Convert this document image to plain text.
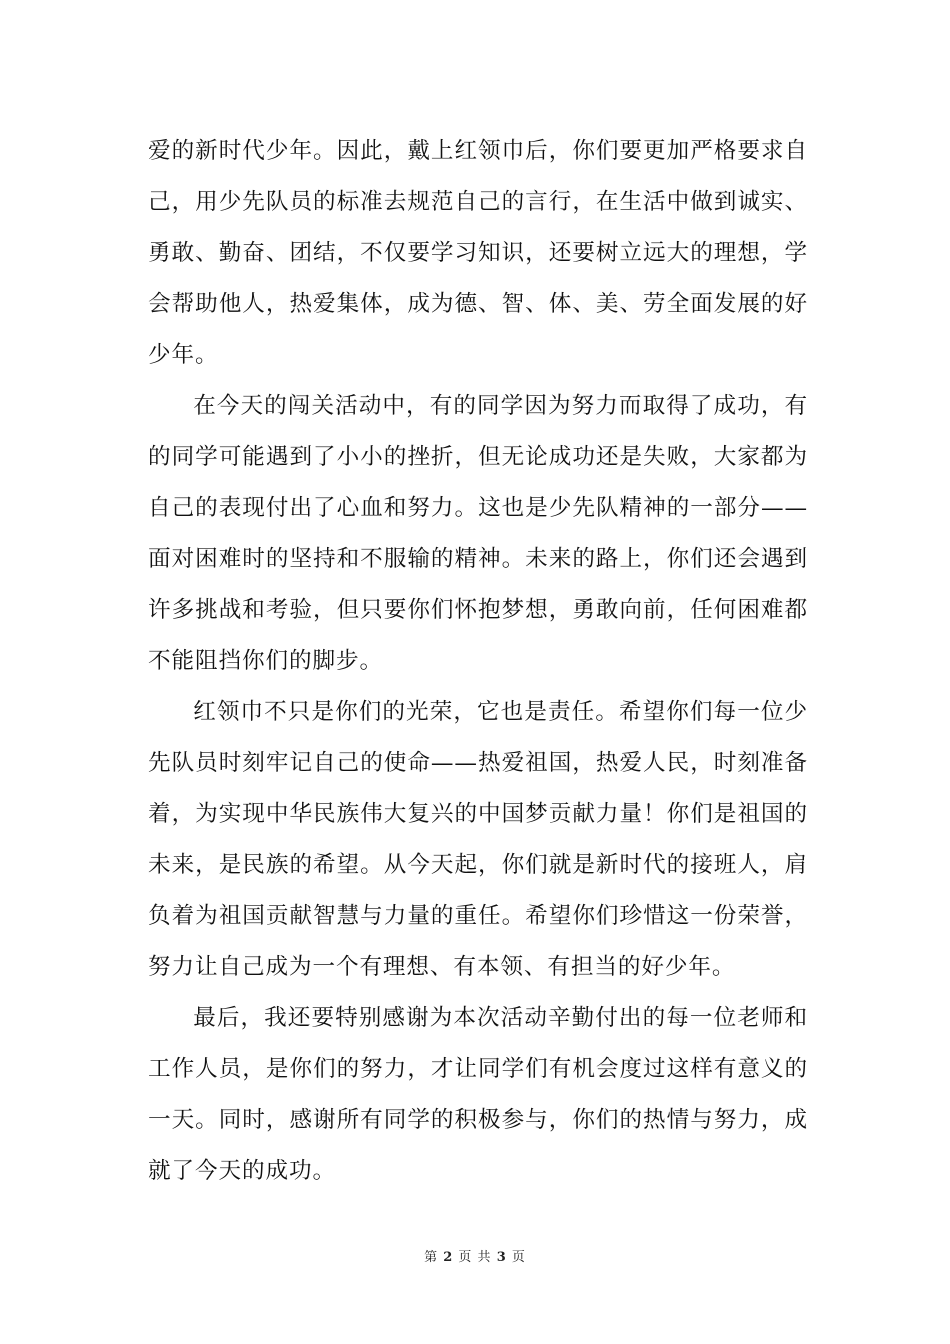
爱的新时代少年。因此，戴上红领巾后，你们要更加严格要求自己，用少先队员的标准去规范自己的言行，在生活中做到诚实、勇敢、勤奋、团结，不仅要学习知识，还要树立远大的理想，学会帮助他人，热爱集体，成为德、智、体、美、劳全面发展的好少年。

在今天的闯关活动中，有的同学因为努力而取得了成功，有的同学可能遇到了小小的挫折，但无论成功还是失败，大家都为自己的表现付出了心血和努力。这也是少先队精神的一部分——面对困难时的坚持和不服输的精神。未来的路上，你们还会遇到许多挑战和考验，但只要你们怀抱梦想，勇敢向前，任何困难都不能阻挡你们的脚步。

红领巾不只是你们的光荣，它也是责任。希望你们每一位少先队员时刻牢记自己的使命——热爱祖国，热爱人民，时刻准备着，为实现中华民族伟大复兴的中国梦贡献力量！你们是祖国的未来，是民族的希望。从今天起，你们就是新时代的接班人，肩负着为祖国贡献智慧与力量的重任。希望你们珍惜这一份荣誉，努力让自己成为一个有理想、有本领、有担当的好少年。

最后，我还要特别感谢为本次活动辛勤付出的每一位老师和工作人员，是你们的努力，才让同学们有机会度过这样有意义的一天。同时，感谢所有同学的积极参与，你们的热情与努力，成就了今天的成功。

第 2 页 共 3 页
